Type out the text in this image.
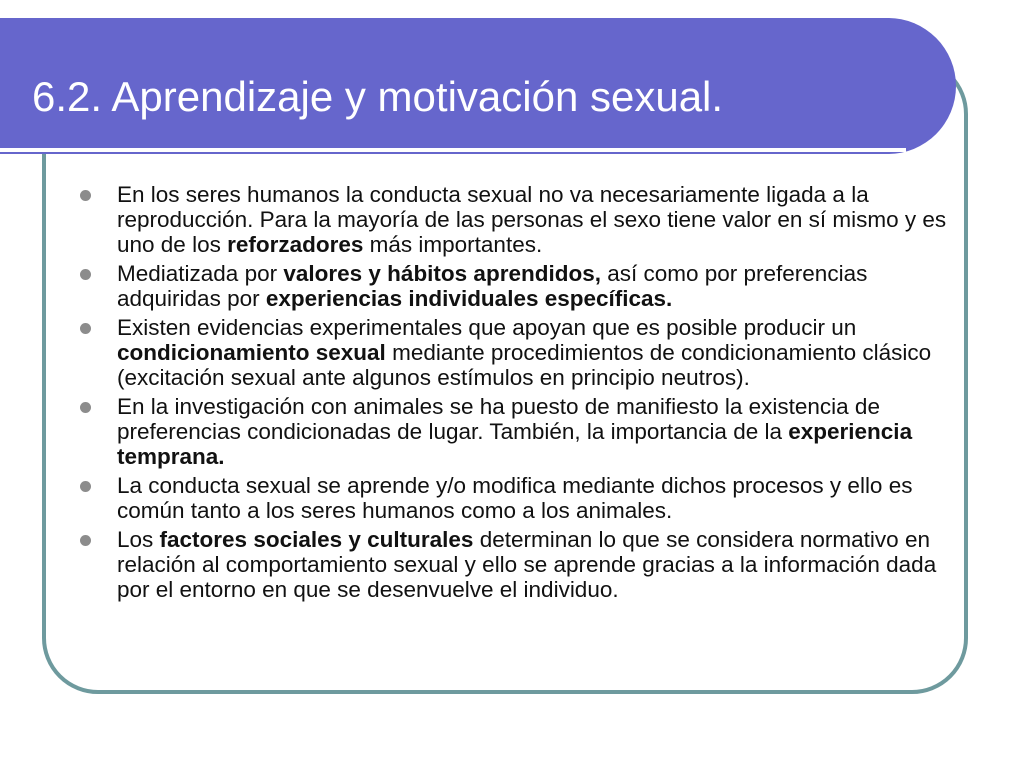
6.2. Aprendizaje y motivación sexual.
En los seres humanos la conducta sexual no va necesariamente ligada a la reproducción. Para la mayoría de las personas el sexo tiene valor en sí mismo y es uno de los reforzadores más importantes.
Mediatizada por valores y hábitos aprendidos, así como por preferencias adquiridas por experiencias individuales específicas.
Existen evidencias experimentales que apoyan que es posible producir un condicionamiento sexual mediante procedimientos de condicionamiento clásico (excitación sexual ante algunos estímulos en principio neutros).
En la investigación con animales se ha puesto de manifiesto la existencia de preferencias condicionadas de lugar. También, la importancia de la experiencia temprana.
La conducta sexual se aprende y/o modifica mediante dichos procesos y ello es común tanto a los seres humanos como a los animales.
Los factores sociales y culturales determinan lo que se considera normativo en relación al comportamiento sexual y ello se aprende gracias a la información dada por el entorno en que se desenvuelve el individuo.
